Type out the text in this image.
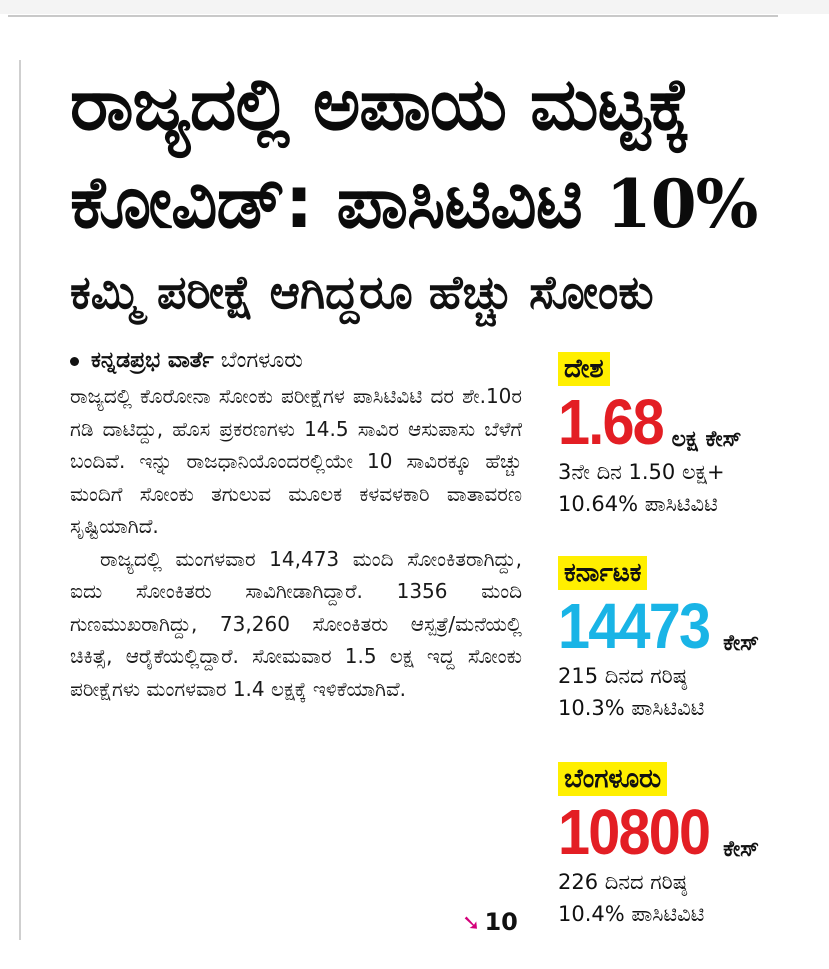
ರಾಜ್ಯದಲ್ಲಿ ಅಪಾಯ ಮಟ್ಟಕ್ಕೆ
ಕೋವಿಡ್: ಪಾಸಿಟಿವಿಟಿ 10%
ಕಮ್ಮಿ ಪರೀಕ್ಷೆ ಆಗಿದ್ದರೂ ಹೆಚ್ಚು ಸೋಂಕು
ಕನ್ನಡಪ್ರಭ ವಾರ್ತೆ ಬೆಂಗಳೂರು

ರಾಜ್ಯದಲ್ಲಿ ಕೊರೋನಾ ಸೋಂಕು ಪರೀಕ್ಷೆಗಳ ಪಾಸಿಟಿವಿಟಿ ದರ ಶೇ.10ರ ಗಡಿ ದಾಟಿದ್ದು, ಹೊಸ ಪ್ರಕರಣಗಳು 14.5 ಸಾವಿರ ಆಸುಪಾಸು ಬೆಳೆಗೆ ಬಂದಿವೆ. ಇನ್ನು ರಾಜಧಾನಿಯೊಂದರಲ್ಲಿಯೇ 10 ಸಾವಿರಕ್ಕೂ ಹೆಚ್ಚು ಮಂದಿಗೆ ಸೋಂಕು ತಗುಲುವ ಮೂಲಕ ಕಳವಳಕಾರಿ ವಾತಾವರಣ ಸೃಷ್ಟಿಯಾಗಿದೆ.

ರಾಜ್ಯದಲ್ಲಿ ಮಂಗಳವಾರ 14,473 ಮಂದಿ ಸೋಂಕಿತರಾಗಿದ್ದು, ಐದು ಸೋಂಕಿತರು ಸಾವಿಗೀಡಾಗಿದ್ದಾರೆ. 1356 ಮಂದಿ ಗುಣಮುಖರಾಗಿದ್ದು, 73,260 ಸೋಂಕಿತರು ಆಸ್ಪತ್ರೆ/ಮನೆಯಲ್ಲಿ ಚಿಕಿತ್ಸೆ, ಆರೈಕೆಯಲ್ಲಿದ್ದಾರೆ. ಸೋಮವಾರ 1.5 ಲಕ್ಷ ಇದ್ದ ಸೋಂಕು ಪರೀಕ್ಷೆಗಳು ಮಂಗಳವಾರ 1.4 ಲಕ್ಷಕ್ಕೆ ಇಳಿಕೆಯಾಗಿವೆ.

➘ 10
ದೇಶ
1.68 ಲಕ್ಷ ಕೇಸ್
3ನೇ ದಿನ 1.50 ಲಕ್ಷ+
10.64% ಪಾಸಿಟಿವಿಟಿ
ಕರ್ನಾಟಕ
14473 ಕೇಸ್
215 ದಿನದ ಗರಿಷ್ಠ
10.3% ಪಾಸಿಟಿವಿಟಿ
ಬೆಂಗಳೂರು
10800 ಕೇಸ್
226 ದಿನದ ಗರಿಷ್ಠ
10.4% ಪಾಸಿಟಿವಿಟಿ
